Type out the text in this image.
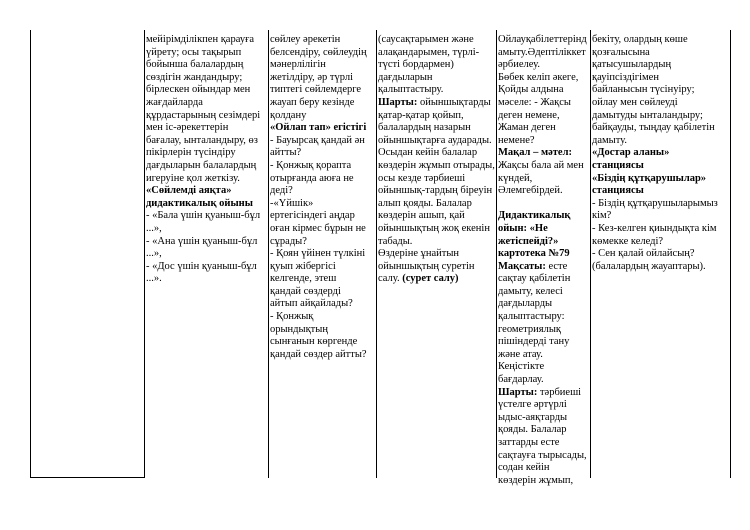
мейірімділікпен қарауға
үйрету; осы тақырып
бойынша балалардың
сөздігін жандандыру;
бірлескен ойындар мен
жағдайларда
құрдастарының сезімдері
мен іс-әрекеттерін
бағалау, ынталандыру, өз
пікірлерін түсіндіру
дағдыларын балалардың
игеруіне қол жеткізу.
«Сөйлемді аяқта»
дидактикалық ойыны
- «Бала үшін қуаныш-бұл
...»,
- «Ана үшін қуаныш-бұл
...»,
- «Дос үшін қуаныш-бұл
...».
сөйлеу әрекетін
белсендіру, сөйлеудің
мәнерлілігін
жетілдіру, әр түрлі
типтегі сөйлемдерге
жауап беру кезінде
қолдану
«Ойлап тап» егістігі
- Бауырсақ қандай ән
айтты?
- Қонжық қорапта
отырғанда аюға не
деді?
-«Үйшік»
ертегісіндегі аңдар
оған кірмес бұрын не
сұрады?
- Қоян үйінен түлкіні
қуып жібергісі
келгенде, этеш
қандай сөздерді
айтып айқайлады?
- Қонжық
орындықтың
сынғанын көргенде
қандай сөздер айтты?
(саусақтарымен және
алақандарымен, түрлі-
түсті бордармен)
дағдыларын
қалыптастыру.
Шарты: ойыншықтарды
қатар-қатар қойып,
балалардың назарын
ойыншықтарға аударады.
Осыдан кейін балалар
көздерін жұмып отырады,
осы кезде тәрбиеші
ойыншық-тардың біреуін
алып қояды. Балалар
көздерін ашып, қай
ойыншықтың жоқ екенін
табады.
Өздеріне ұнайтын
ойыншықтың суретін
салу. (сурет салу)
Ойлауқабілеттерінд
амыту.Әдептіліккет
әрбиелеу.
Бөбек келіп әкеге,
Қойды алдына
мәселе: - Жақсы
деген немене,
Жаман деген
немене?
Мақал – мәтел:
Жақсы бала ай мен
күндей,
Әлемгебірдей.

Дидактикалық
ойын: «Не
жетіспейді?»
картотека №79
Мақсаты: есте
сақтау қабілетін
дамыту, келесі
дағдыларды
қалыптастыру:
геометриялық
пішіндерді тану
және атау.
Кеңістікте
бағдарлау.
Шарты: тәрбиеші
үстелге әртүрлі
ыдыс-аяқтарды
қояды. Балалар
заттарды есте
сақтауға тырысады,
содан кейін
көздерін жұмып,
бекіту, олардың көше
қозғалысына
қатысушылардың
қауіпсіздігімен
байланысын түсінуіру;
ойлау мен сөйлеуді
дамытуды ынталандыру;
байқауды, тыңдау қабілетін
дамыту.
«Достар аланы»
станциясы
«Біздің құтқарушылар»
станциясы
- Біздің құтқарушыларымыз
кім?
- Кез-келген қиындықта кім
көмекке келеді?
- Сен қалай ойлайсың?
(балалардың жауаптары).
